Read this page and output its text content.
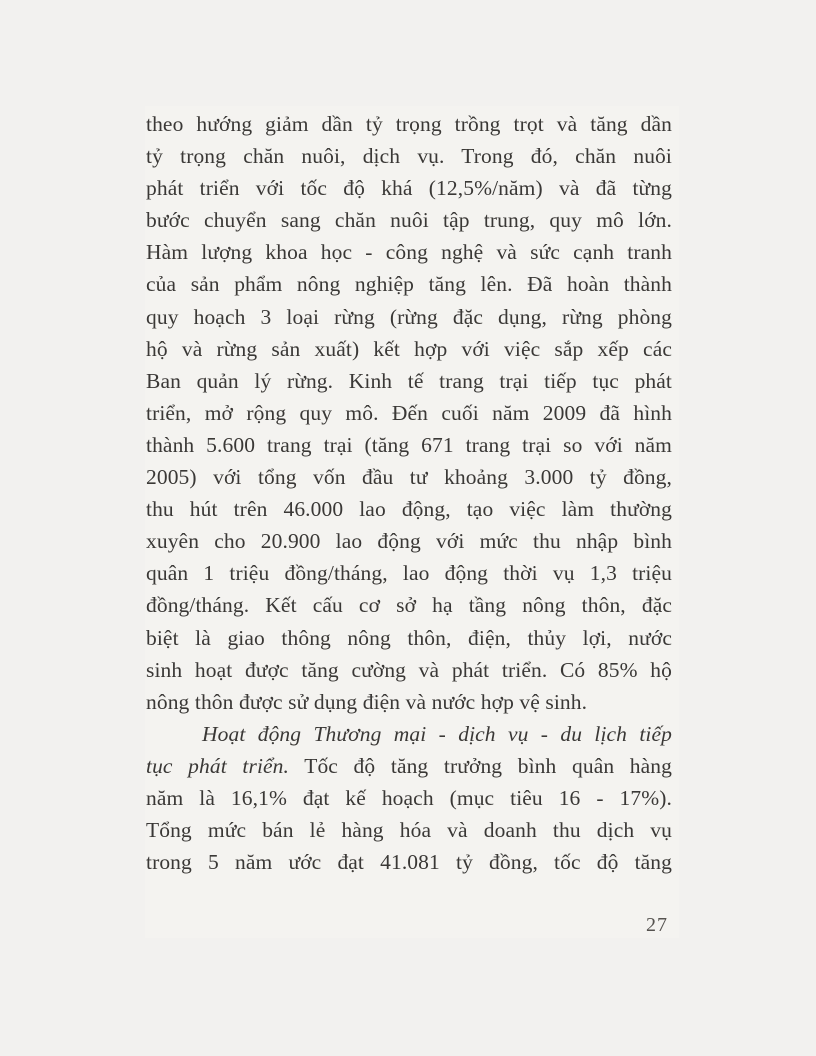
theo hướng giảm dần tỷ trọng trồng trọt và tăng dần
tỷ trọng chăn nuôi, dịch vụ. Trong đó, chăn nuôi
phát triển với tốc độ khá (12,5%/năm) và đã từng
bước chuyển sang chăn nuôi tập trung, quy mô lớn.
Hàm lượng khoa học - công nghệ và sức cạnh tranh
của sản phẩm nông nghiệp tăng lên. Đã hoàn thành
quy hoạch 3 loại rừng (rừng đặc dụng, rừng phòng
hộ và rừng sản xuất) kết hợp với việc sắp xếp các
Ban quản lý rừng. Kinh tế trang trại tiếp tục phát
triển, mở rộng quy mô. Đến cuối năm 2009 đã hình
thành 5.600 trang trại (tăng 671 trang trại so với năm
2005) với tổng vốn đầu tư khoảng 3.000 tỷ đồng,
thu hút trên 46.000 lao động, tạo việc làm thường
xuyên cho 20.900 lao động với mức thu nhập bình
quân 1 triệu đồng/tháng, lao động thời vụ 1,3 triệu
đồng/tháng. Kết cấu cơ sở hạ tầng nông thôn, đặc
biệt là giao thông nông thôn, điện, thủy lợi, nước
sinh hoạt được tăng cường và phát triển. Có 85% hộ
nông thôn được sử dụng điện và nước hợp vệ sinh.
Hoạt động Thương mại - dịch vụ - du lịch tiếp
tục phát triển. Tốc độ tăng trưởng bình quân hàng
năm là 16,1% đạt kế hoạch (mục tiêu 16 - 17%).
Tổng mức bán lẻ hàng hóa và doanh thu dịch vụ
trong 5 năm ước đạt 41.081 tỷ đồng, tốc độ tăng
27
